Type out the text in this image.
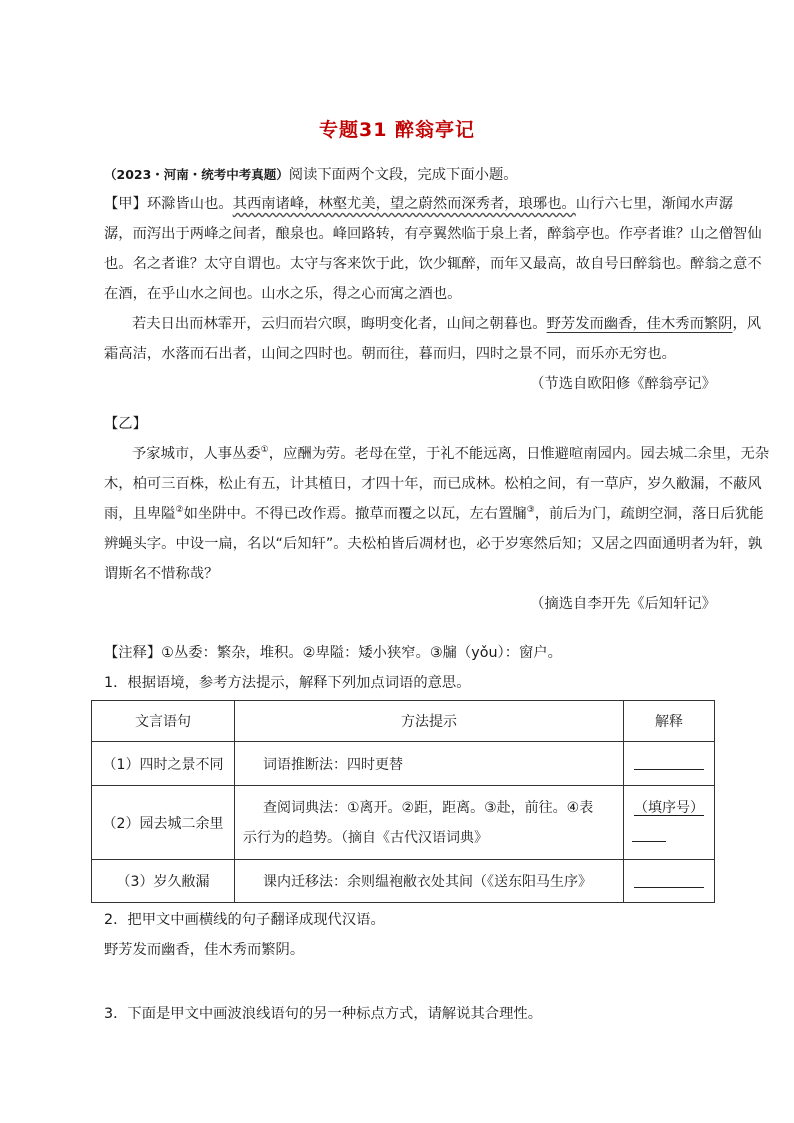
专题31 醉翁亭记
（2023・河南・统考中考真题）阅读下面两个文段，完成下面小题。
【甲】环滁皆山也。其西南诸峰，林壑尤美，望之蔚然而深秀者，琅琊也。山行六七里，渐闻水声潺
潺，而泻出于两峰之间者，酿泉也。峰回路转，有亭翼然临于泉上者，醉翁亭也。作亭者谁？山之僧智仙
也。名之者谁？太守自谓也。太守与客来饮于此，饮少辄醉，而年又最高，故自号曰醉翁也。醉翁之意不
在酒，在乎山水之间也。山水之乐，得之心而寓之酒也。
若夫日出而林霏开，云归而岩穴暝，晦明变化者，山间之朝暮也。野芳发而幽香，佳木秀而繁阴，风
霜高洁，水落而石出者，山间之四时也。朝而往，暮而归，四时之景不同，而乐亦无穷也。
（节选自欧阳修《醉翁亭记》
【乙】
予家城市，人事丛委①，应酬为劳。老母在堂，于礼不能远离，日惟避喧南园内。园去城二余里，无杂
木，柏可三百株，松止有五，计其植日，才四十年，而已成林。松柏之间，有一草庐，岁久敝漏，不蔽风
雨，且卑隘②如坐阱中。不得已改作焉。撤草而覆之以瓦，左右置牖③，前后为门，疏朗空洞，落日后犹能
辨蝇头字。中设一扁，名以“后知轩”。夫松柏皆后凋材也，必于岁寒然后知；又居之四面通明者为轩，孰
谓斯名不惜称哉？
（摘选自李开先《后知轩记》
【注释】①丛委：繁杂，堆积。②卑隘：矮小狭窄。③牖（yǒu）：窗户。
1．根据语境，参考方法提示，解释下列加点词语的意思。
文言语句	方法提示	解释
（1）四时之景不同	词语推断法：四时更替	
（2）园去城二余里	查阅词典法：①离开。②距，距离。③赴，前往。④表
示行为的趋势。（摘自《古代汉语词典》	（填序号）

（3）岁久敝漏	课内迁移法：余则缊袍敝衣处其间（《送东阳马生序》	
2．把甲文中画横线的句子翻译成现代汉语。
野芳发而幽香，佳木秀而繁阴。
3．下面是甲文中画波浪线语句的另一种标点方式，请解说其合理性。
